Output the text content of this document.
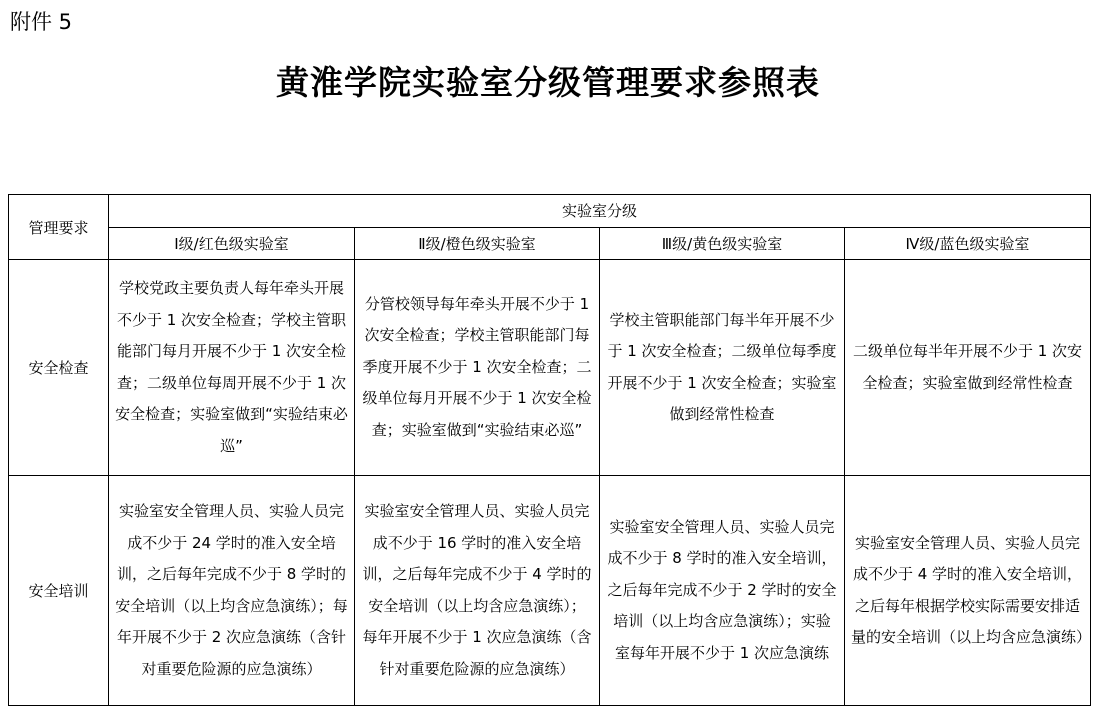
附件 5
黄淮学院实验室分级管理要求参照表
管理要求	实验室分级			
	Ⅰ级/红色级实验室	Ⅱ级/橙色级实验室	Ⅲ级/黄色级实验室	Ⅳ级/蓝色级实验室
安全检查	学校党政主要负责人每年牵头开展不少于 1 次安全检查；学校主管职能部门每月开展不少于 1 次安全检查；二级单位每周开展不少于 1 次安全检查；实验室做到“实验结束必巡”	分管校领导每年牵头开展不少于 1 次安全检查；学校主管职能部门每季度开展不少于 1 次安全检查；二级单位每月开展不少于 1 次安全检查；实验室做到“实验结束必巡”	学校主管职能部门每半年开展不少于 1 次安全检查；二级单位每季度开展不少于 1 次安全检查；实验室做到经常性检查	二级单位每半年开展不少于 1 次安全检查；实验室做到经常性检查

安全培训	实验室安全管理人员、实验人员完成不少于 24 学时的准入安全培训，之后每年完成不少于 8 学时的安全培训（以上均含应急演练）；每年开展不少于 2 次应急演练（含针对重要危险源的应急演练）	实验室安全管理人员、实验人员完成不少于 16 学时的准入安全培训，之后每年完成不少于 4 学时的安全培训（以上均含应急演练）；每年开展不少于 1 次应急演练（含针对重要危险源的应急演练）	实验室安全管理人员、实验人员完成不少于 8 学时的准入安全培训，之后每年完成不少于 2 学时的安全培训（以上均含应急演练）；实验室每年开展不少于 1 次应急演练	实验室安全管理人员、实验人员完成不少于 4 学时的准入安全培训，之后每年根据学校实际需要安排适量的安全培训（以上均含应急演练）
